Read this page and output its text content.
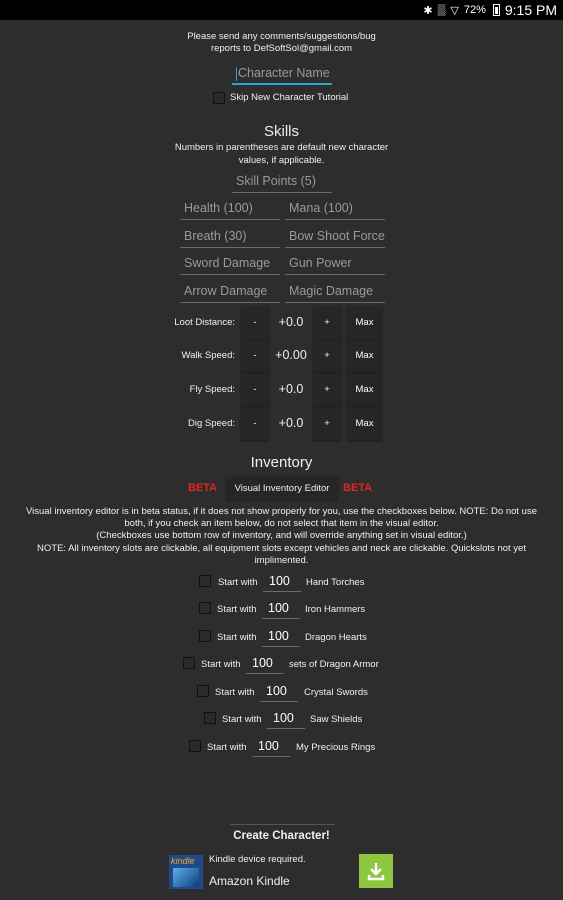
✱ ▒ ▽ 72% 9:15 PM
Please send any comments/suggestions/bug
reports to DefSoftSol@gmail.com
Character Name
Skip New Character Tutorial
Skills
Numbers in parentheses are default new character
values, if applicable.
Skill Points (5)
Health (100)	Mana (100)
Breath (30)	Bow Shoot Force
Sword Damage	Gun Power
Arrow Damage	Magic Damage
Loot Distance:	-	+0.0	+	Max
Walk Speed:	-	+0.00	+	Max
Fly Speed:	-	+0.0	+	Max
Dig Speed:	-	+0.0	+	Max
Inventory
BETA	Visual Inventory Editor	BETA
Visual inventory editor is in beta status, if it does not show properly for you, use the checkboxes below. NOTE: Do not use
both, if you check an item below, do not select that item in the visual editor.
(Checkboxes use bottom row of inventory, and will override anything set in visual editor.)
NOTE: All inventory slots are clickable, all equipment slots except vehicles and neck are clickable. Quickslots not yet
implimented.
Start with 100	Hand Torches
Start with 100	Iron Hammers
Start with 100	Dragon Hearts
Start with 100	sets of Dragon Armor
Start with 100	Crystal Swords
Start with 100	Saw Shields
Start with 100	My Precious Rings
Create Character!
kindle Kindle device required.
Amazon Kindle
